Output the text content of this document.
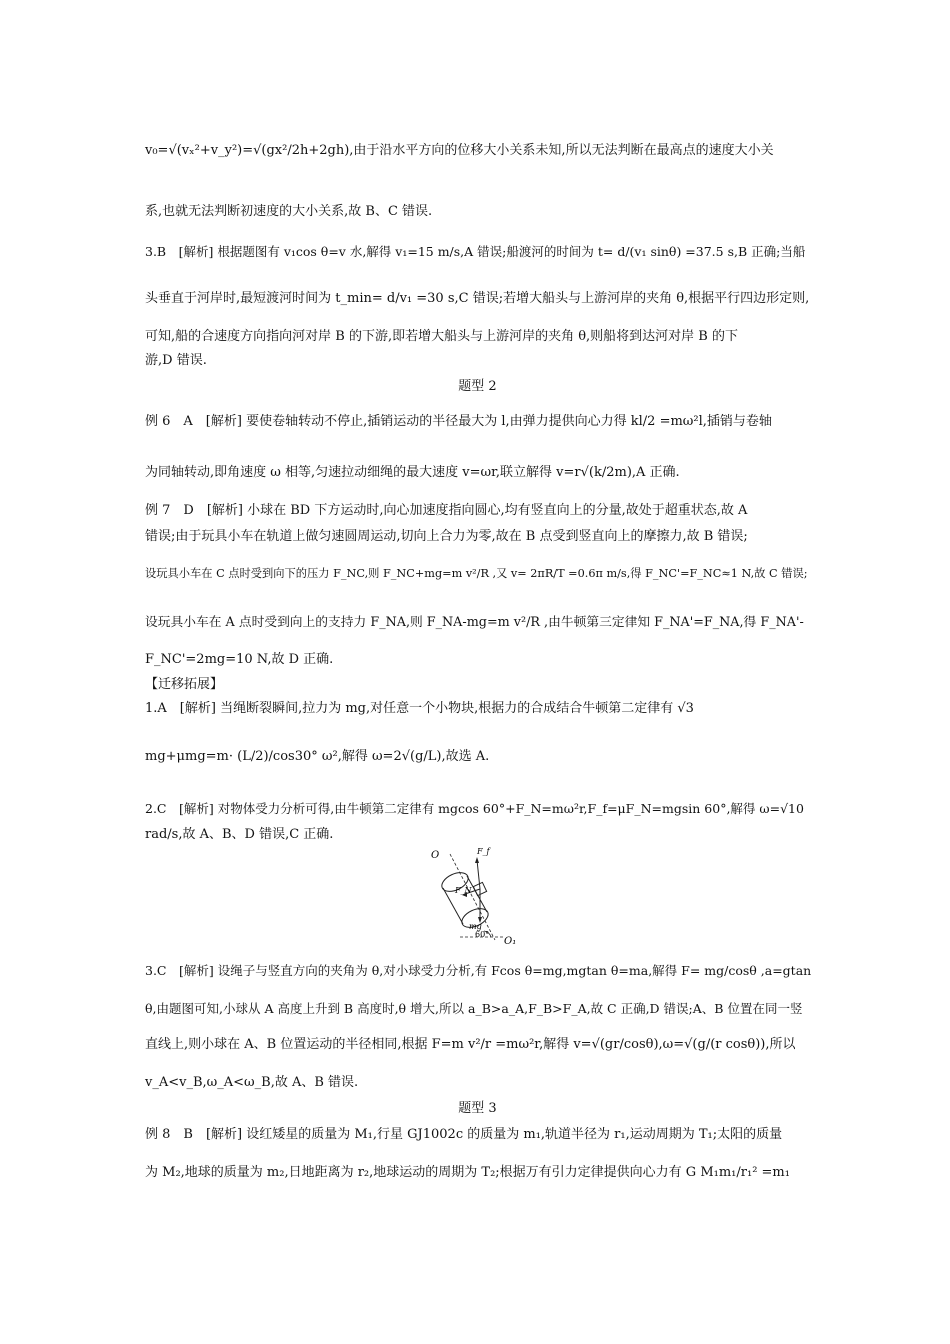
v₀=√(vₓ²+v_y²)=√(gx²/2h+2gh),由于沿水平方向的位移大小关系未知,所以无法判断在最高点的速度大小关
系,也就无法判断初速度的大小关系,故 B、C 错误.
3.B　[解析] 根据题图有 v₁cos θ=v 水,解得 v₁=15 m/s,A 错误;船渡河的时间为 t= d/(v₁ sinθ) =37.5 s,B 正确;当船
头垂直于河岸时,最短渡河时间为 t_min= d/v₁ =30 s,C 错误;若增大船头与上游河岸的夹角 θ,根据平行四边形定则,
可知,船的合速度方向指向河对岸 B 的下游,即若增大船头与上游河岸的夹角 θ,则船将到达河对岸 B 的下
游,D 错误.
题型 2
例 6　A　[解析] 要使卷轴转动不停止,插销运动的半径最大为 l,由弹力提供向心力得 kl/2 =mω²l,插销与卷轴
为同轴转动,即角速度 ω 相等,匀速拉动细绳的最大速度 v=ωr,联立解得 v=r√(k/2m),A 正确.
例 7　D　[解析] 小球在 BD 下方运动时,向心加速度指向圆心,均有竖直向上的分量,故处于超重状态,故 A
错误;由于玩具小车在轨道上做匀速圆周运动,切向上合力为零,故在 B 点受到竖直向上的摩擦力,故 B 错误;
设玩具小车在 C 点时受到向下的压力 F_NC,则 F_NC+mg=m v²/R ,又 v= 2πR/T =0.6π m/s,得 F_NC'=F_NC≈1 N,故 C 错误;
设玩具小车在 A 点时受到向上的支持力 F_NA,则 F_NA-mg=m v²/R ,由牛顿第三定律知 F_NA'=F_NA,得 F_NA'-
F_NC'=2mg=10 N,故 D 正确.
【迁移拓展】
1.A　[解析] 当绳断裂瞬间,拉力为 mg,对任意一个小物块,根据力的合成结合牛顿第二定律有 √3
mg+μmg=m· (L/2)/cos30° ω²,解得 ω=2√(g/L),故选 A.
2.C　[解析] 对物体受力分析可得,由牛顿第二定律有 mgcos 60°+F_N=mω²r,F_f=μF_N=mgsin 60°,解得 ω=√10
rad/s,故 A、B、D 错误,C 正确.
O	F_f
F_N
mg
60°
O₁
3.C　[解析] 设绳子与竖直方向的夹角为 θ,对小球受力分析,有 Fcos θ=mg,mgtan θ=ma,解得 F= mg/cosθ ,a=gtan
θ,由题图可知,小球从 A 高度上升到 B 高度时,θ 增大,所以 a_B>a_A,F_B>F_A,故 C 正确,D 错误;A、B 位置在同一竖
直线上,则小球在 A、B 位置运动的半径相同,根据 F=m v²/r =mω²r,解得 v=√(gr/cosθ),ω=√(g/(r cosθ)),所以
v_A<v_B,ω_A<ω_B,故 A、B 错误.
题型 3
例 8　B　[解析] 设红矮星的质量为 M₁,行星 GJ1002c 的质量为 m₁,轨道半径为 r₁,运动周期为 T₁;太阳的质量
为 M₂,地球的质量为 m₂,日地距离为 r₂,地球运动的周期为 T₂;根据万有引力定律提供向心力有 G M₁m₁/r₁² =m₁
